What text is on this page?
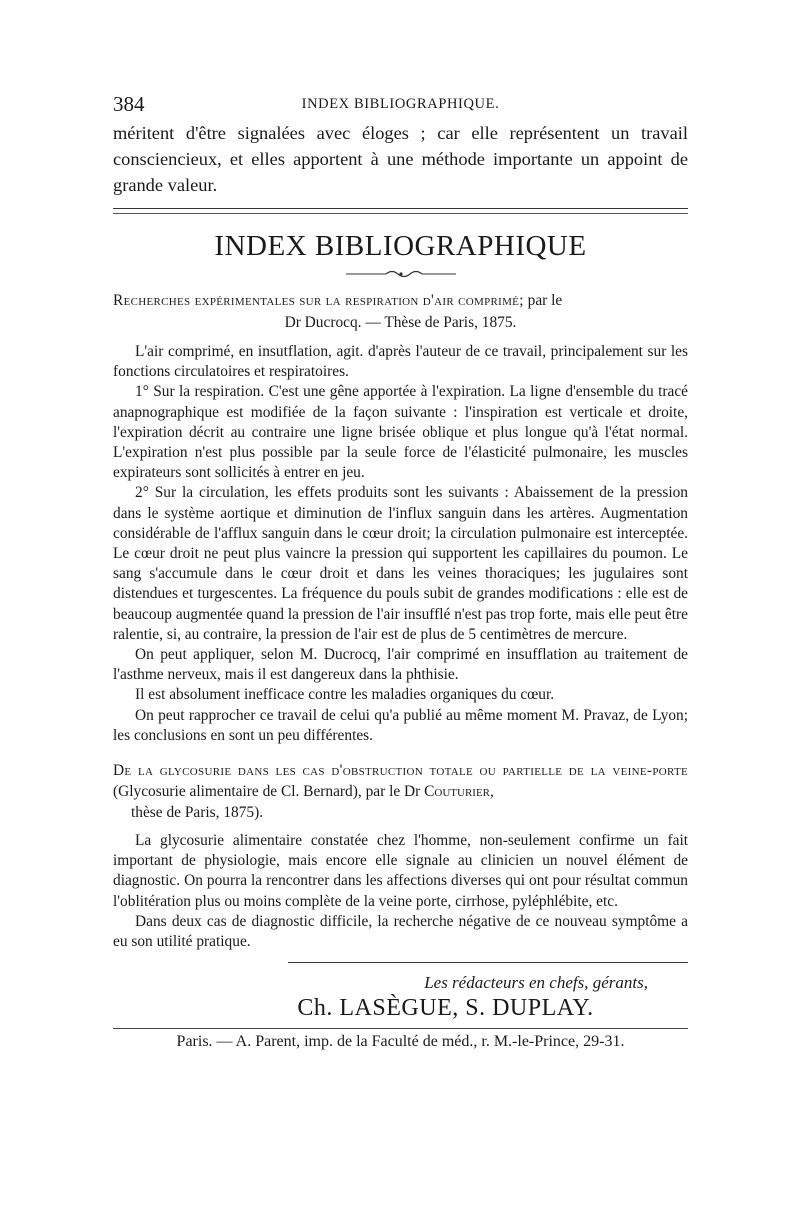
384	INDEX BIBLIOGRAPHIQUE.

méritent d'être signalées avec éloges ; car elle représentent un travail consciencieux, et elles apportent à une méthode importante un appoint de grande valeur.

INDEX BIBLIOGRAPHIQUE
Recherches expérimentales sur la respiration d'air comprimé; par le
Dr Ducrocq. — Thèse de Paris, 1875.

L'air comprimé, en insutflation, agit. d'après l'auteur de ce travail, principalement sur les fonctions circulatoires et respiratoires.

1° Sur la respiration. C'est une gêne apportée à l'expiration. La ligne d'ensemble du tracé anapnographique est modifiée de la façon suivante : l'inspiration est verticale et droite, l'expiration décrit au contraire une ligne brisée oblique et plus longue qu'à l'état normal. L'expiration n'est plus possible par la seule force de l'élasticité pulmonaire, les muscles expirateurs sont sollicités à entrer en jeu.

2° Sur la circulation, les effets produits sont les suivants : Abaissement de la pression dans le système aortique et diminution de l'influx sanguin dans les artères. Augmentation considérable de l'afflux sanguin dans le cœur droit; la circulation pulmonaire est interceptée. Le cœur droit ne peut plus vaincre la pression qui supportent les capillaires du poumon. Le sang s'accumule dans le cœur droit et dans les veines thoraciques; les jugulaires sont distendues et turgescentes. La fréquence du pouls subit de grandes modifications : elle est de beaucoup augmentée quand la pression de l'air insufflé n'est pas trop forte, mais elle peut être ralentie, si, au contraire, la pression de l'air est de plus de 5 centimètres de mercure.

On peut appliquer, selon M. Ducrocq, l'air comprimé en insufflation au traitement de l'asthme nerveux, mais il est dangereux dans la phthisie.

Il est absolument inefficace contre les maladies organiques du cœur.

On peut rapprocher ce travail de celui qu'a publié au même moment M. Pravaz, de Lyon; les conclusions en sont un peu différentes.

De la glycosurie dans les cas d'obstruction totale ou partielle de la veine-porte (Glycosurie alimentaire de Cl. Bernard), par le Dr Couturier,
thèse de Paris, 1875).

La glycosurie alimentaire constatée chez l'homme, non-seulement confirme un fait important de physiologie, mais encore elle signale au clinicien un nouvel élément de diagnostic. On pourra la rencontrer dans les affections diverses qui ont pour résultat commun l'oblitération plus ou moins complète de la veine porte, cirrhose, pyléphlébite, etc.

Dans deux cas de diagnostic difficile, la recherche négative de ce nouveau symptôme a eu son utilité pratique.

Les rédacteurs en chefs, gérants,
Ch. LASÈGUE, S. DUPLAY.
Paris. — A. Parent, imp. de la Faculté de méd., r. M.-le-Prince, 29-31.
